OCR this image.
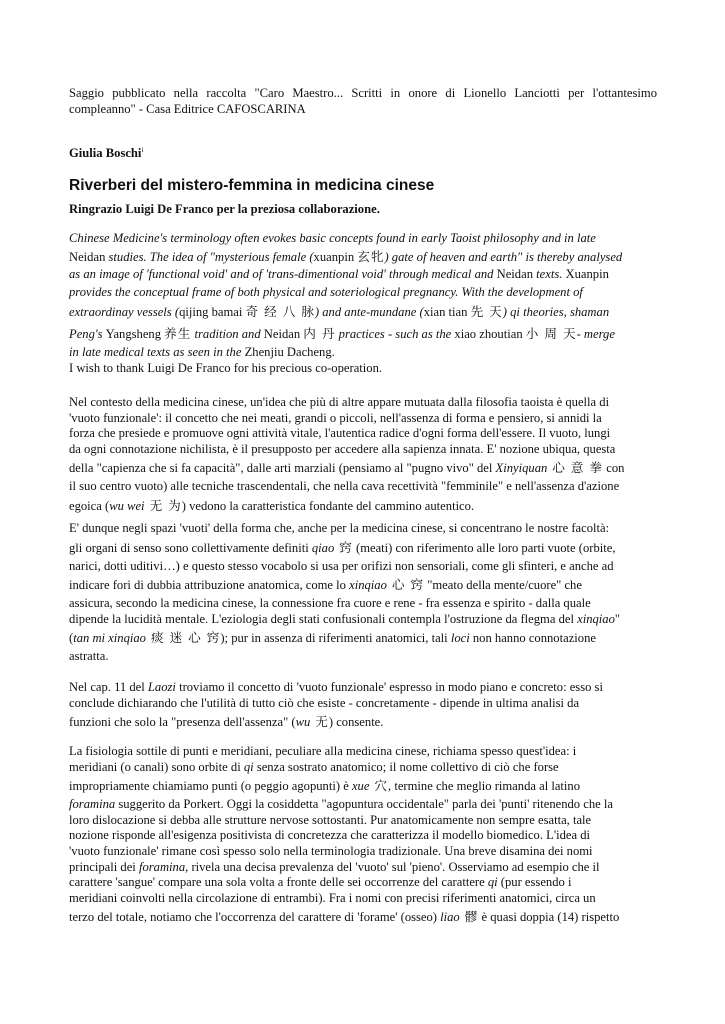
Saggio pubblicato nella raccolta "Caro Maestro... Scritti in onore di Lionello Lanciotti per l'ottantesimo compleanno" - Casa Editrice CAFOSCARINA

Giulia Boschi$^i$

Riverberi del mistero-femmina in medicina cinese

Ringrazio Luigi De Franco per la preziosa collaborazione.

Chinese Medicine's terminology often evokes basic concepts found in early Taoist philosophy and in late
Neidan studies. The idea of "mysterious female (xuanpin 玄牝) gate of heaven and earth" is thereby analysed
as an image of 'functional void' and of 'trans-dimentional void' through medical and Neidan texts. Xuanpin
provides the conceptual frame of both physical and soteriological pregnancy. With the development of
extraordinay vessels (qijing bamai 奇 经 八 脉) and ante-mundane (xian tian 先 天) qi theories, shaman
Peng's Yangsheng 养生 tradition and Neidan 内 丹 practices - such as the xiao zhoutian 小 周 天- merge
in late medical texts as seen in the Zhenjiu Dacheng.
I wish to thank Luigi De Franco for his precious co-operation.
Nel contesto della medicina cinese, un'idea che più di altre appare mutuata dalla filosofia taoista è quella di
'vuoto funzionale': il concetto che nei meati, grandi o piccoli, nell'assenza di forma e pensiero, si annidi la
forza che presiede e promuove ogni attività vitale, l'autentica radice d'ogni forma dell'essere. Il vuoto, lungi
da ogni connotazione nichilista, è il presupposto per accedere alla sapienza innata. E' nozione ubiqua, questa
della "capienza che si fa capacità", dalle arti marziali (pensiamo al "pugno vivo" del Xinyiquan 心 意 拳 con
il suo centro vuoto) alle tecniche trascendentali, che nella cava recettività "femminile" e nell'assenza d'azione
egoica (wu wei 无 为) vedono la caratteristica fondante del cammino autentico.
E' dunque negli spazi 'vuoti' della forma che, anche per la medicina cinese, si concentrano le nostre facoltà:
gli organi di senso sono collettivamente definiti qiao 窍 (meati) con riferimento alle loro parti vuote (orbite,
narici, dotti uditivi…) e questo stesso vocabolo si usa per orifizi non sensoriali, come gli sfinteri, e anche ad
indicare fori di dubbia attribuzione anatomica, come lo xinqiao 心 窍 "meato della mente/cuore" che
assicura, secondo la medicina cinese, la connessione fra cuore e rene - fra essenza e spirito - dalla quale
dipende la lucidità mentale. L'eziologia degli stati confusionali contempla l'ostruzione da flegma del xinqiao"
(tan mi xinqiao 痰 迷 心 窍); pur in assenza di riferimenti anatomici, tali loci non hanno connotazione
astratta.
Nel cap. 11 del Laozi troviamo il concetto di 'vuoto funzionale' espresso in modo piano e concreto: esso si
conclude dichiarando che l'utilità di tutto ciò che esiste - concretamente - dipende in ultima analisi da
funzioni che solo la "presenza dell'assenza" (wu 无) consente.
La fisiologia sottile di punti e meridiani, peculiare alla medicina cinese, richiama spesso quest'idea: i
meridiani (o canali) sono orbite di qi senza sostrato anatomico; il nome collettivo di ciò che forse
impropriamente chiamiamo punti (o peggio agopunti) è xue 穴, termine che meglio rimanda al latino
foramina suggerito da Porkert. Oggi la cosiddetta "agopuntura occidentale" parla dei 'punti' ritenendo che la
loro dislocazione si debba alle strutture nervose sottostanti. Pur anatomicamente non sempre esatta, tale
nozione risponde all'esigenza positivista di concretezza che caratterizza il modello biomedico. L'idea di
'vuoto funzionale' rimane così spesso solo nella terminologia tradizionale. Una breve disamina dei nomi
principali dei foramina, rivela una decisa prevalenza del 'vuoto' sul 'pieno'. Osserviamo ad esempio che il
carattere 'sangue' compare una sola volta a fronte delle sei occorrenze del carattere qi (pur essendo i
meridiani coinvolti nella circolazione di entrambi). Fra i nomi con precisi riferimenti anatomici, circa un
terzo del totale, notiamo che l'occorrenza del carattere di 'forame' (osseo) liao 髎 è quasi doppia (14) rispetto
